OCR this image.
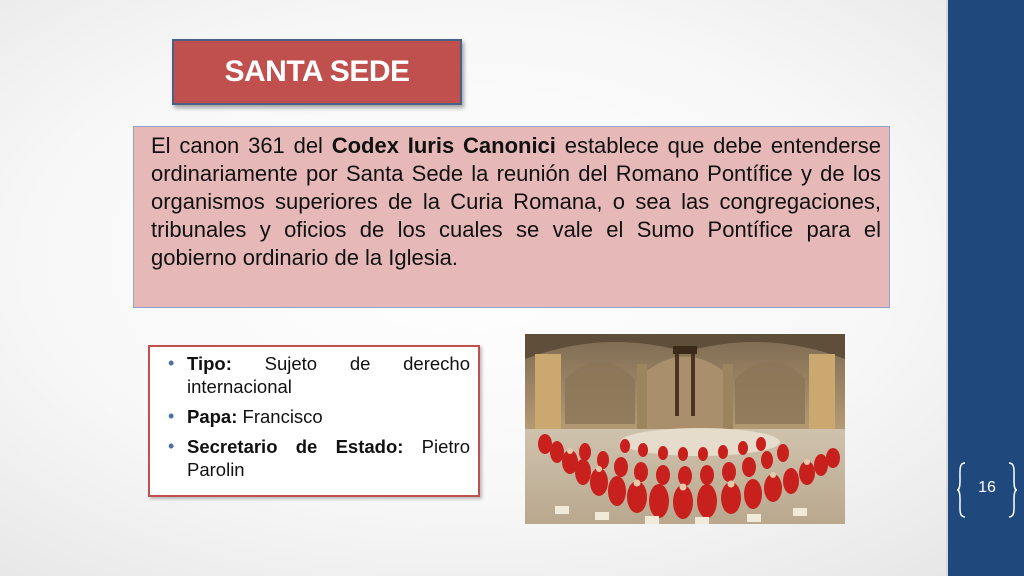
16
SANTA SEDE

El canon 361 del Codex Iuris Canonici establece que debe entenderse ordinariamente por Santa Sede la reunión del Romano Pontífice y de los organismos superiores de la Curia Romana, o sea las congregaciones, tribunales y oficios de los cuales se vale el Sumo Pontífice para el gobierno ordinario de la Iglesia.

• Tipo: Sujeto de derecho internacional
• Papa: Francisco
• Secretario de Estado: Pietro Parolin
